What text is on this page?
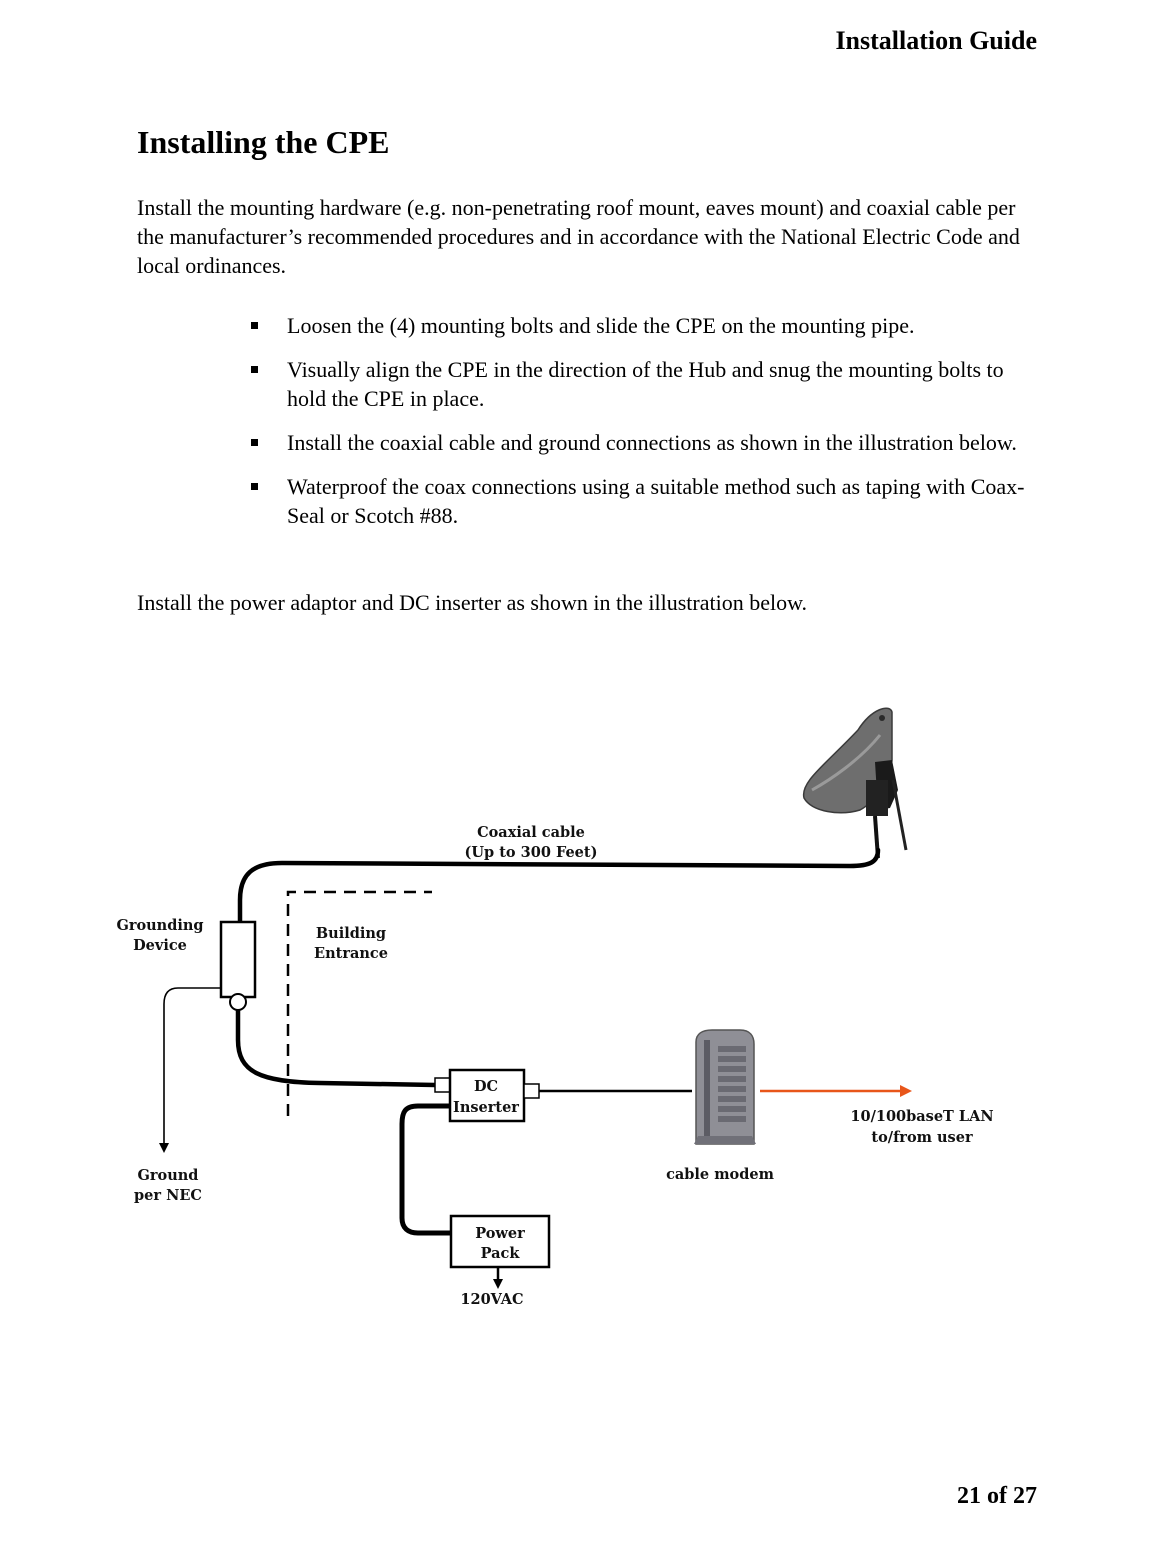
Installation Guide
Installing the CPE

Install the mounting hardware (e.g. non-penetrating roof mount, eaves mount) and coaxial cable per the manufacturer’s recommended procedures and in accordance with the National Electric Code and local ordinances.

Loosen the (4) mounting bolts and slide the CPE on the mounting pipe.
Visually align the CPE in the direction of the Hub and snug the mounting bolts to hold the CPE in place.
Install the coaxial cable and ground connections as shown in the illustration below.
Waterproof the coax connections using a suitable method such as taping with Coax-Seal or Scotch #88.

Install the power adaptor and DC inserter as shown in the illustration below.

Coaxial cable
(Up to 300 Feet)
Grounding
Device
Building
Entrance
DC
Inserter
10/100baseT LAN
to/from user
Ground
per NEC
cable modem
Power
Pack
120VAC
21 of 27
